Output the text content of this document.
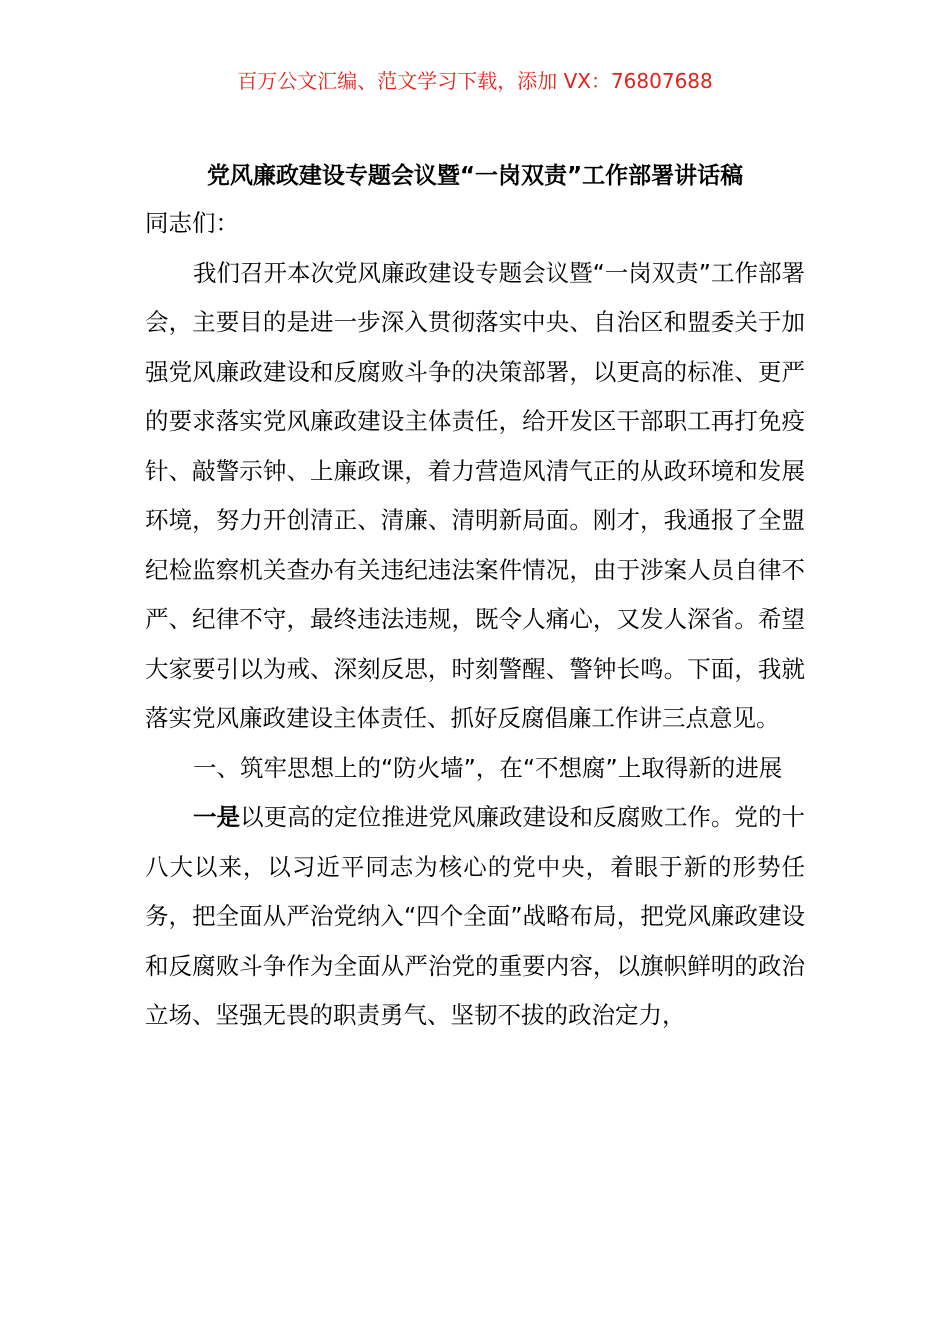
百万公文汇编、范文学习下载，添加 VX：76807688
党风廉政建设专题会议暨“一岗双责”工作部署讲话稿

同志们：

我们召开本次党风廉政建设专题会议暨“一岗双责”工作部署会，主要目的是进一步深入贯彻落实中央、自治区和盟委关于加强党风廉政建设和反腐败斗争的决策部署，以更高的标准、更严的要求落实党风廉政建设主体责任，给开发区干部职工再打免疫针、敲警示钟、上廉政课，着力营造风清气正的从政环境和发展环境，努力开创清正、清廉、清明新局面。刚才，我通报了全盟纪检监察机关查办有关违纪违法案件情况，由于涉案人员自律不严、纪律不守，最终违法违规，既令人痛心，又发人深省。希望大家要引以为戒、深刻反思，时刻警醒、警钟长鸣。下面，我就落实党风廉政建设主体责任、抓好反腐倡廉工作讲三点意见。

一、筑牢思想上的“防火墙”，在“不想腐”上取得新的进展

一是以更高的定位推进党风廉政建设和反腐败工作。党的十八大以来，以习近平同志为核心的党中央，着眼于新的形势任务，把全面从严治党纳入“四个全面”战略布局，把党风廉政建设和反腐败斗争作为全面从严治党的重要内容，以旗帜鲜明的政治立场、坚强无畏的职责勇气、坚韧不拔的政治定力，
